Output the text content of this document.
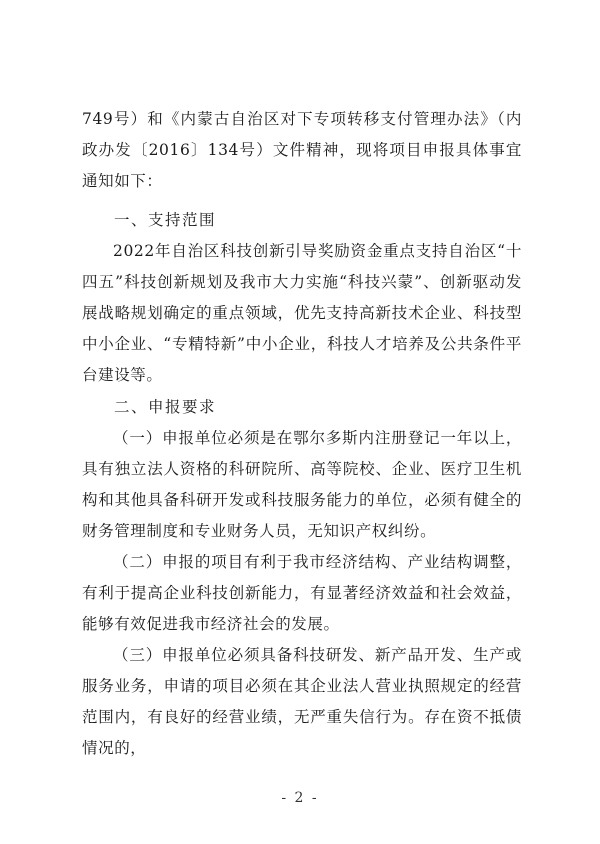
749号）和《内蒙古自治区对下专项转移支付管理办法》（内政办发〔2016〕134号）文件精神，现将项目申报具体事宜通知如下：

一、支持范围

2022年自治区科技创新引导奖励资金重点支持自治区“十四五”科技创新规划及我市大力实施“科技兴蒙”、创新驱动发展战略规划确定的重点领域，优先支持高新技术企业、科技型中小企业、“专精特新”中小企业，科技人才培养及公共条件平台建设等。

二、申报要求

（一）申报单位必须是在鄂尔多斯内注册登记一年以上，具有独立法人资格的科研院所、高等院校、企业、医疗卫生机构和其他具备科研开发或科技服务能力的单位，必须有健全的财务管理制度和专业财务人员，无知识产权纠纷。

（二）申报的项目有利于我市经济结构、产业结构调整，有利于提高企业科技创新能力，有显著经济效益和社会效益，能够有效促进我市经济社会的发展。

（三）申报单位必须具备科技研发、新产品开发、生产或服务业务，申请的项目必须在其企业法人营业执照规定的经营范围内，有良好的经营业绩，无严重失信行为。存在资不抵债情况的，

- 2 -
